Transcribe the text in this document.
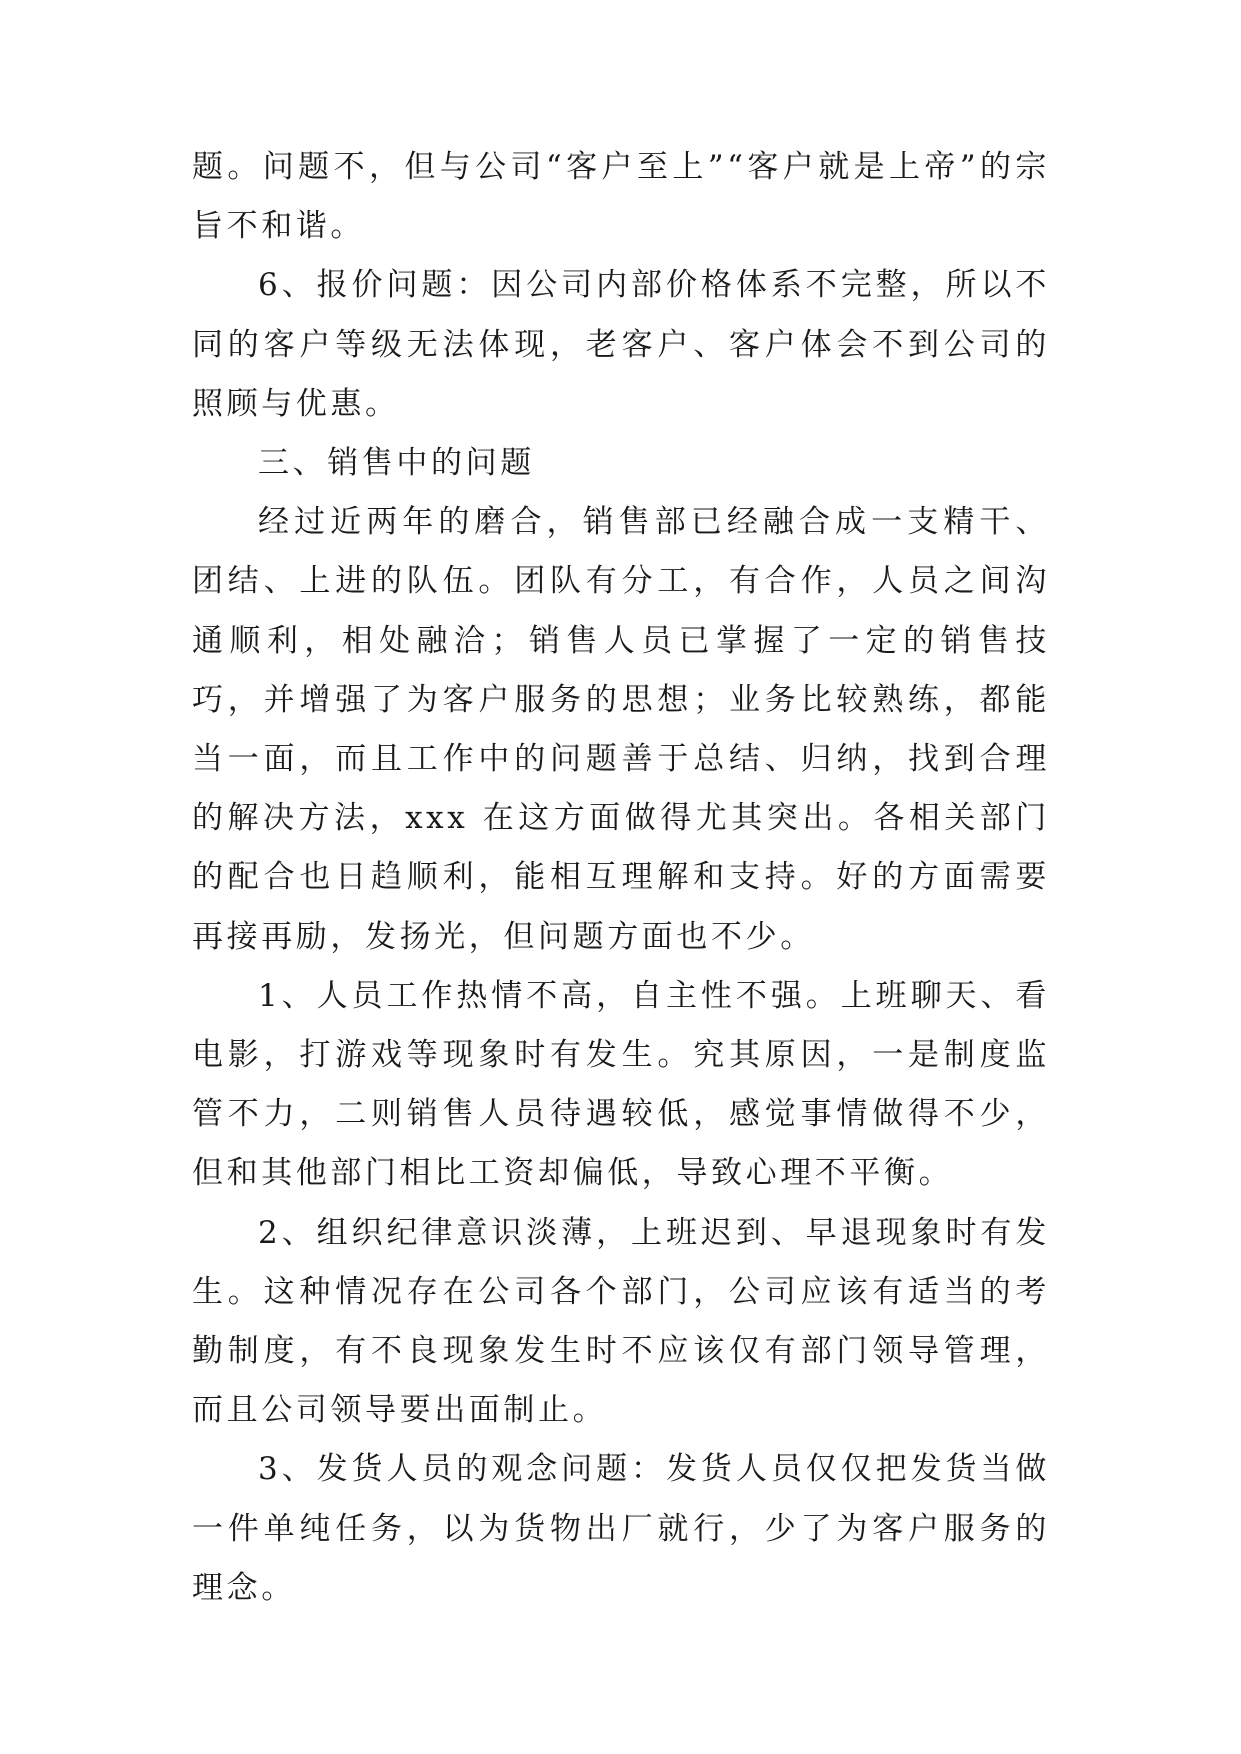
题。问题不，但与公司“客户至上”“客户就是上帝”的宗旨不和谐。

6、报价问题：因公司内部价格体系不完整，所以不同的客户等级无法体现，老客户、客户体会不到公司的照顾与优惠。

三、销售中的问题

经过近两年的磨合，销售部已经融合成一支精干、团结、上进的队伍。团队有分工，有合作，人员之间沟通顺利，相处融洽；销售人员已掌握了一定的销售技巧，并增强了为客户服务的思想；业务比较熟练，都能当一面，而且工作中的问题善于总结、归纳，找到合理的解决方法，xxx 在这方面做得尤其突出。各相关部门的配合也日趋顺利，能相互理解和支持。好的方面需要再接再励，发扬光，但问题方面也不少。

1、人员工作热情不高，自主性不强。上班聊天、看电影，打游戏等现象时有发生。究其原因，一是制度监管不力，二则销售人员待遇较低，感觉事情做得不少，但和其他部门相比工资却偏低，导致心理不平衡。

2、组织纪律意识淡薄，上班迟到、早退现象时有发生。这种情况存在公司各个部门，公司应该有适当的考勤制度，有不良现象发生时不应该仅有部门领导管理，而且公司领导要出面制止。

3、发货人员的观念问题：发货人员仅仅把发货当做一件单纯任务，以为货物出厂就行，少了为客户服务的理念。
